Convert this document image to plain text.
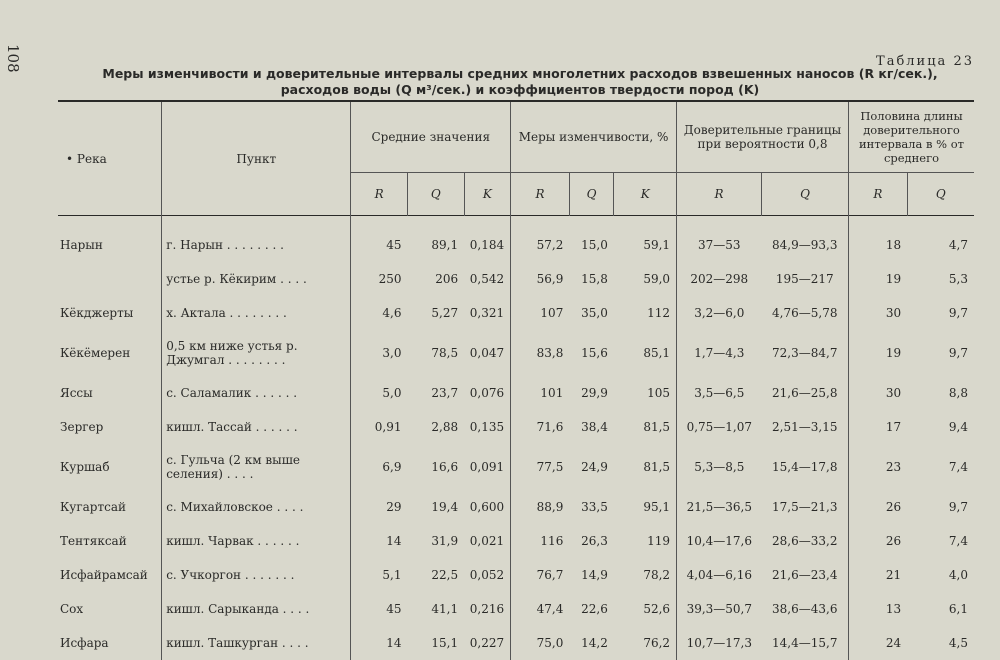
108	Таблица 23
Меры изменчивости и доверительные интервалы средних многолетних расходов взвешенных наносов (R кг/сек.),
расходов воды (Q м³/сек.) и коэффициентов твердости пород (K)
• Река	Пункт	Средние значения			Меры изменчивости, %			Доверительные границы при вероятности 0,8		Половина длины доверительного интервала в % от среднего	
		R	Q	K	R	Q	K	R	Q	R	Q
Нарын	г. Нарын . . . . . . . .	45	89,1	0,184	57,2	15,0	59,1	37—53	84,9—93,3	18	4,7
	устье р. Кёкирим . . . .	250	206	0,542	56,9	15,8	59,0	202—298	195—217	19	5,3
Кёкджерты	х. Актала . . . . . . . .	4,6	5,27	0,321	107	35,0	112	3,2—6,0	4,76—5,78	30	9,7
Кёкёмерен	0,5 км ниже устья р. Джумгал . . . . . . . .	3,0	78,5	0,047	83,8	15,6	85,1	1,7—4,3	72,3—84,7	19	9,7
Яссы	с. Саламалик . . . . . .	5,0	23,7	0,076	101	29,9	105	3,5—6,5	21,6—25,8	30	8,8
Зергер	кишл. Тассай . . . . . .	0,91	2,88	0,135	71,6	38,4	81,5	0,75—1,07	2,51—3,15	17	9,4
Куршаб	с. Гульча (2 км выше селения) . . . .	6,9	16,6	0,091	77,5	24,9	81,5	5,3—8,5	15,4—17,8	23	7,4
Кугартсай	с. Михайловское . . . .	29	19,4	0,600	88,9	33,5	95,1	21,5—36,5	17,5—21,3	26	9,7
Тентяксай	кишл. Чарвак . . . . . .	14	31,9	0,021	116	26,3	119	10,4—17,6	28,6—33,2	26	7,4
Исфайрамсай	с. Учкоргон . . . . . . .	5,1	22,5	0,052	76,7	14,9	78,2	4,04—6,16	21,6—23,4	21	4,0
Сох	кишл. Сарыканда . . . .	45	41,1	0,216	47,4	22,6	52,6	39,3—50,7	38,6—43,6	13	6,1
Исфара	кишл. Ташкурган . . . .	14	15,1	0,227	75,0	14,2	76,2	10,7—17,3	14,4—15,7	24	4,5
